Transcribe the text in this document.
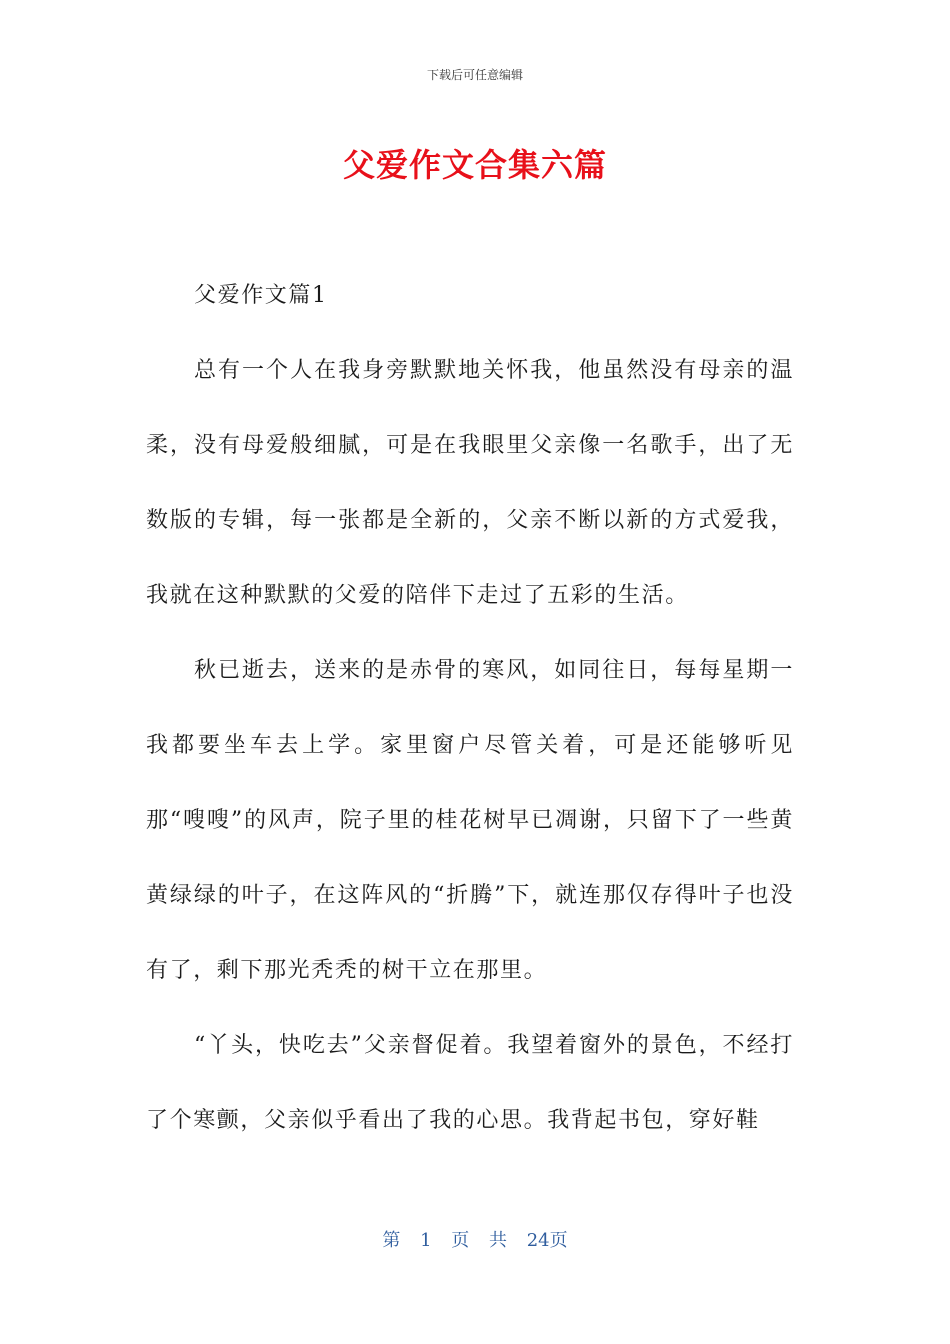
下载后可任意编辑
父爱作文合集六篇

父爱作文篇1

总有一个人在我身旁默默地关怀我，他虽然没有母亲的温柔，没有母爱般细腻，可是在我眼里父亲像一名歌手，出了无数版的专辑，每一张都是全新的，父亲不断以新的方式爱我，我就在这种默默的父爱的陪伴下走过了五彩的生活。

秋已逝去，送来的是赤骨的寒风，如同往日，每每星期一我都要坐车去上学。家里窗户尽管关着，可是还能够听见那“嗖嗖”的风声，院子里的桂花树早已凋谢，只留下了一些黄黄绿绿的叶子，在这阵风的“折腾”下，就连那仅存得叶子也没有了，剩下那光秃秃的树干立在那里。

“丫头，快吃去”父亲督促着。我望着窗外的景色，不经打了个寒颤，父亲似乎看出了我的心思。我背起书包，穿好鞋

第 1 页 共 24页
